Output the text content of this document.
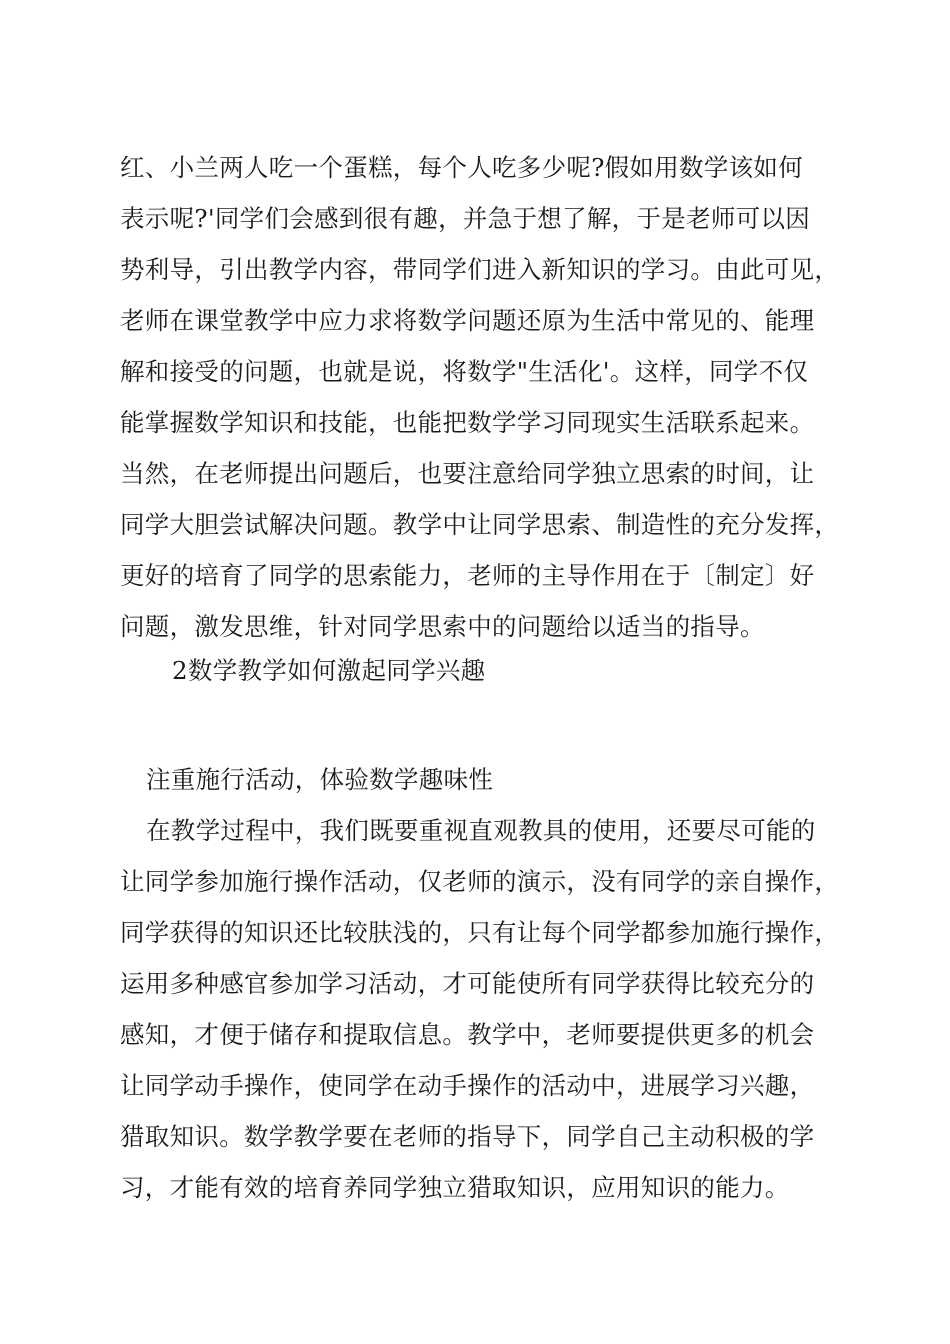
红、小兰两人吃一个蛋糕，每个人吃多少呢?假如用数学该如何
表示呢?'同学们会感到很有趣，并急于想了解，于是老师可以因
势利导，引出教学内容，带同学们进入新知识的学习。由此可见，
老师在课堂教学中应力求将数学问题还原为生活中常见的、能理
解和接受的问题，也就是说，将数学"生活化'。这样，同学不仅
能掌握数学知识和技能，也能把数学学习同现实生活联系起来。
当然，在老师提出问题后，也要注意给同学独立思索的时间，让
同学大胆尝试解决问题。教学中让同学思索、制造性的充分发挥，
更好的培育了同学的思索能力，老师的主导作用在于〔制定〕好
问题，激发思维，针对同学思索中的问题给以适当的指导。
2数学教学如何激起同学兴趣
注重施行活动，体验数学趣味性
在教学过程中，我们既要重视直观教具的使用，还要尽可能的
让同学参加施行操作活动，仅老师的演示，没有同学的亲自操作，
同学获得的知识还比较肤浅的，只有让每个同学都参加施行操作，
运用多种感官参加学习活动，才可能使所有同学获得比较充分的
感知，才便于储存和提取信息。教学中，老师要提供更多的机会
让同学动手操作，使同学在动手操作的活动中，进展学习兴趣，
猎取知识。数学教学要在老师的指导下，同学自己主动积极的学
习，才能有效的培育养同学独立猎取知识，应用知识的能力。
